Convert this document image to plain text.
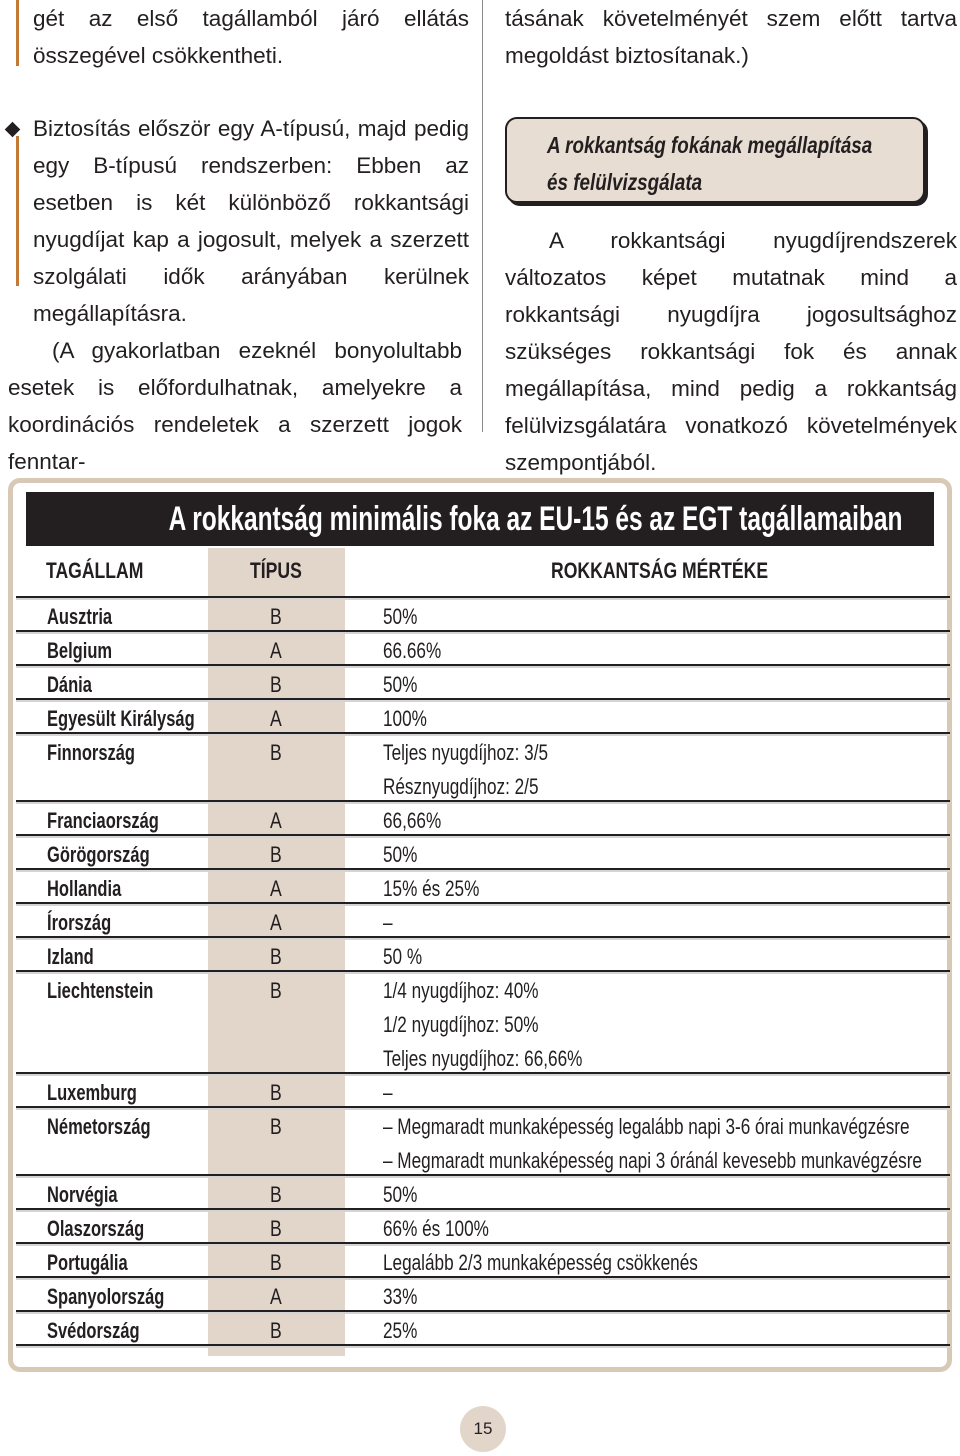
gét az első tagállamból járó ellátás összegével csökkentheti.

Biztosítás először egy A-típusú, majd pedig egy B-típusú rendszerben: Ebben az esetben is két különböző rokkantsági nyugdíjat kap a jogosult, melyek a szerzett szolgálati idők arányában kerülnek megállapításra.

(A gyakorlatban ezeknél bonyolultabb esetek is előfordulhatnak, amelyekre a koordinációs rendeletek a szerzett jogok fenntar-

tásának követelményét szem előtt tartva megoldást biztosítanak.)

A rokkantsági nyugdíjrendszerek változatos képet mutatnak mind a rokkantsági nyugdíjra jogosultsághoz szükséges rokkantsági fok és annak megállapítása, mind pedig a rokkantság felülvizsgálatára vonatkozó követelmények szempontjából.

A rokkantság fokának megállapítása
és felülvizsgálata
A rokkantság minimális foka az EU-15 és az EGT tagállamaiban
TAGÁLLAM	TÍPUS	ROKKANTSÁG MÉRTÉKE
Ausztria	B	50%
Belgium	A	66.66%
Dánia	B	50%
Egyesült Királyság	A	100%
Finnország	B	Teljes nyugdíjhoz: 3/5
Résznyugdíjhoz: 2/5
Franciaország	A	66,66%
Görögország	B	50%
Hollandia	A	15% és 25%
Írország	A	–
Izland	B	50 %
Liechtenstein	B	1/4 nyugdíjhoz: 40%
1/2 nyugdíjhoz: 50%
Teljes nyugdíjhoz: 66,66%
Luxemburg	B	–
Németország	B	– Megmaradt munkaképesség legalább napi 3-6 órai munkavégzésre
– Megmaradt munkaképesség napi 3 óránál kevesebb munkavégzésre
Norvégia	B	50%
Olaszország	B	66% és 100%
Portugália	B	Legalább 2/3 munkaképesség csökkenés
Spanyolország	A	33%
Svédország	B	25%
15
